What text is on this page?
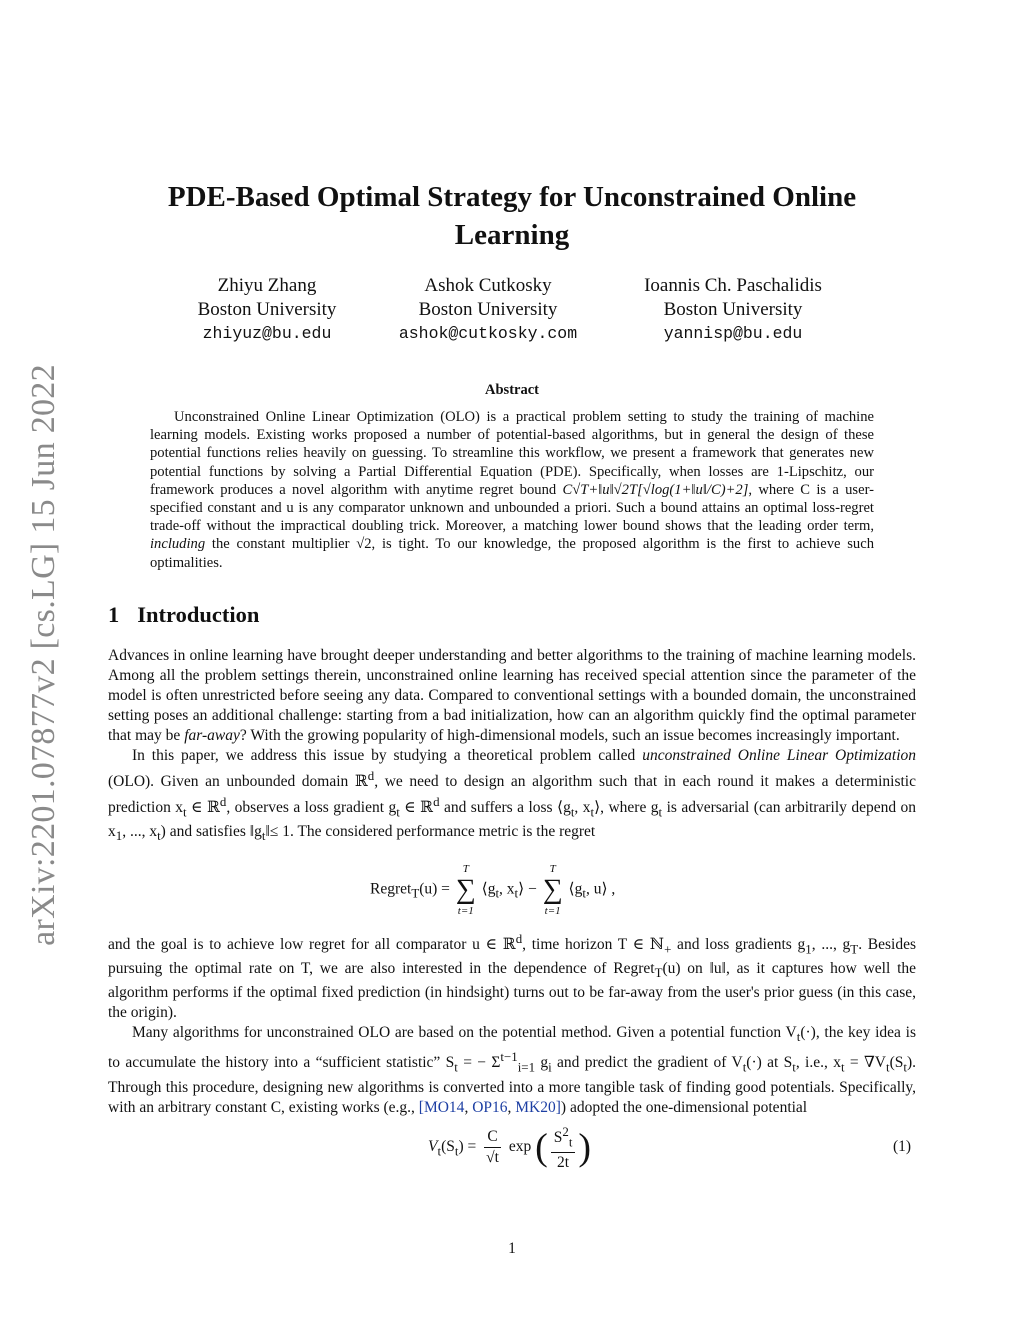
arXiv:2201.07877v2 [cs.LG] 15 Jun 2022
PDE-Based Optimal Strategy for Unconstrained Online
Learning
Zhiyu Zhang
Boston University
zhiyuz@bu.edu
Ashok Cutkosky
Boston University
ashok@cutkosky.com
Ioannis Ch. Paschalidis
Boston University
yannisp@bu.edu
Abstract

Unconstrained Online Linear Optimization (OLO) is a practical problem setting to study the training of machine learning models. Existing works proposed a number of potential-based algorithms, but in general the design of these potential functions relies heavily on guessing. To streamline this workflow, we present a framework that generates new potential functions by solving a Partial Differential Equation (PDE). Specifically, when losses are 1-Lipschitz, our framework produces a novel algorithm with anytime regret bound C√T+‖u‖√2T[√log(1+‖u‖/C)+2], where C is a user-specified constant and u is any comparator unknown and unbounded a priori. Such a bound attains an optimal loss-regret trade-off without the impractical doubling trick. Moreover, a matching lower bound shows that the leading order term, including the constant multiplier √2, is tight. To our knowledge, the proposed algorithm is the first to achieve such optimalities.

1 Introduction

Advances in online learning have brought deeper understanding and better algorithms to the training of machine learning models. Among all the problem settings therein, unconstrained online learning has received special attention since the parameter of the model is often unrestricted before seeing any data. Compared to conventional settings with a bounded domain, the unconstrained setting poses an additional challenge: starting from a bad initialization, how can an algorithm quickly find the optimal parameter that may be far-away? With the growing popularity of high-dimensional models, such an issue becomes increasingly important.

In this paper, we address this issue by studying a theoretical problem called unconstrained Online Linear Optimization (OLO). Given an unbounded domain ℝ$^d$, we need to design an algorithm such that in each round it makes a deterministic prediction $x_t$ ∈ ℝ$^d$, observes a loss gradient $g_t$ ∈ ℝ$^d$ and suffers a loss $⟨g_t$, $x_t⟩$, where $g_t$ is adversarial (can arbitrarily depend on $x_1$, ..., $x_t$) and satisfies $‖g_t‖\le 1$. The considered performance metric is the regret

Regret$_T$(u) =
T
∑
t=1
$⟨g_t$, $x_t⟩$ −
T
∑
t=1
$⟨g_t$, u⟩ ,

and the goal is to achieve low regret for all comparator u ∈ ℝ$^d$, time horizon T ∈ ℕ$_+$ and loss gradients $g_1$, ..., $g_T$. Besides pursuing the optimal rate on T, we are also interested in the dependence of Regret$_T$(u) on ‖u‖, as it captures how well the algorithm performs if the optimal fixed prediction (in hindsight) turns out to be far-away from the user's prior guess (in this case, the origin).

Many algorithms for unconstrained OLO are based on the potential method. Given a potential function $V_t(\cdot)$, the key idea is to accumulate the history into a “sufficient statistic” $S_t$ = − $\Sigma^{t-1}_{i=1}$ $g_i$ and predict the gradient of $V_t(\cdot)$ at $S_t$, i.e., $x_t = \nabla V_t(S_t)$. Through this procedure, designing new algorithms is converted into a more tangible task of finding good potentials. Specifically, with an arbitrary constant C, existing works (e.g., [MO14, OP16, MK20]) adopted the one-dimensional potential

$V_t(S_t) = \frac{C}{√t}$ exp ( $\frac{S^2_t}{2t}$ )	(1)
1
